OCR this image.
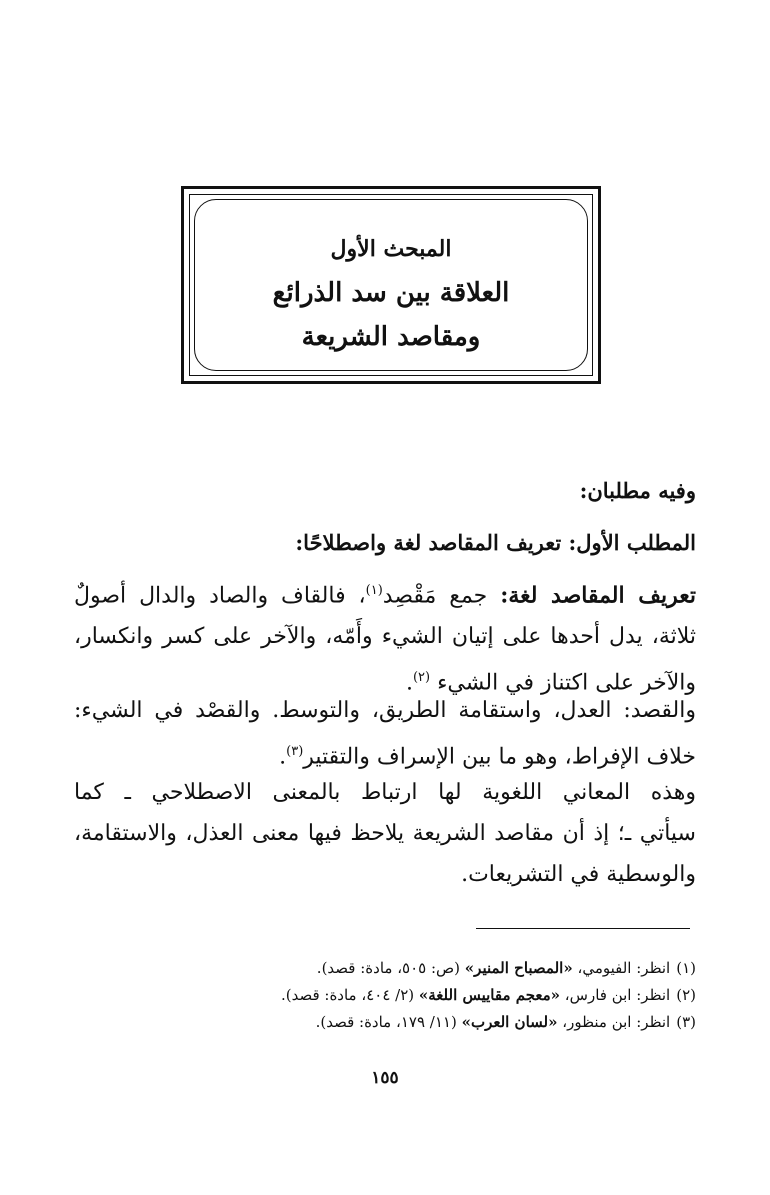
المبحث الأول
العلاقة بين سد الذرائع
ومقاصد الشريعة
وفيه مطلبان:
المطلب الأول: تعريف المقاصد لغة واصطلاحًا:
تعريف المقاصد لغة: جمع مَقْصِد$^{(١)}$، فالقاف والصاد والدال أصولٌ
ثلاثة، يدل أحدها على إتيان الشيء وأَمّه، والآخر على كسر وانكسار،
والآخر على اكتناز في الشيء $^{(٢)}$.
والقصد: العدل، واستقامة الطريق، والتوسط. والقصْد في الشيء:
خلاف الإفراط، وهو ما بين الإسراف والتقتير$^{(٣)}$.
وهذه المعاني اللغوية لها ارتباط بالمعنى الاصطلاحي ـ كما
سيأتي ـ؛ إذ أن مقاصد الشريعة يلاحظ فيها معنى العذل، والاستقامة،
والوسطية في التشريعات.
(١)انظر: الفيومي، «المصباح المنير» (ص: ٥٠٥، مادة: قصد).
(٢)انظر: ابن فارس، «معجم مقاييس اللغة» (٢/ ٤٠٤، مادة: قصد).
(٣)انظر: ابن منظور، «لسان العرب» (١١/ ١٧٩، مادة: قصد).
١٥٥
